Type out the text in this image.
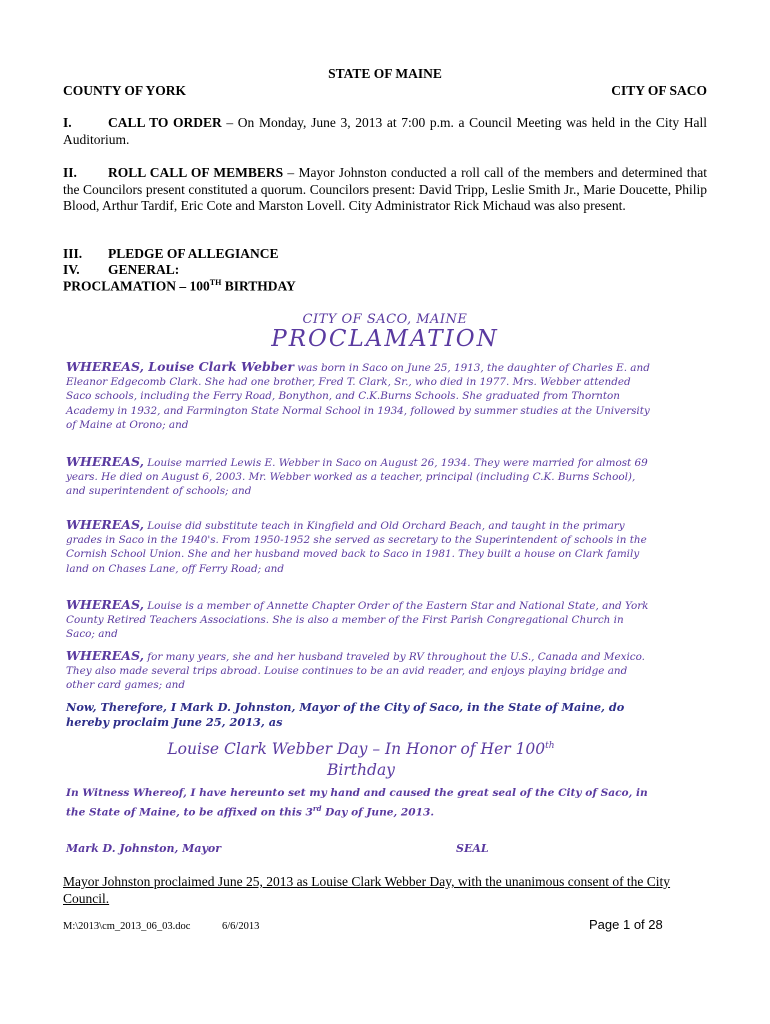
STATE OF MAINE
COUNTY OF YORK	CITY OF SACO
I.	CALL TO ORDER – On Monday, June 3, 2013 at 7:00 p.m. a Council Meeting was held in the City Hall Auditorium.
II. ROLL CALL OF MEMBERS – Mayor Johnston conducted a roll call of the members and determined that the Councilors present constituted a quorum. Councilors present: David Tripp, Leslie Smith Jr., Marie Doucette, Philip Blood, Arthur Tardif, Eric Cote and Marston Lovell. City Administrator Rick Michaud was also present.
III. PLEDGE OF ALLEGIANCE
IV. GENERAL:
PROCLAMATION – 100TH BIRTHDAY
CITY OF SACO, MAINE
PROCLAMATION
WHEREAS, Louise Clark Webber was born in Saco on June 25, 1913, the daughter of Charles E. and Eleanor Edgecomb Clark. She had one brother, Fred T. Clark, Sr., who died in 1977. Mrs. Webber attended Saco schools, including the Ferry Road, Bonython, and C.K.Burns Schools. She graduated from Thornton Academy in 1932, and Farmington State Normal School in 1934, followed by summer studies at the University of Maine at Orono; and
WHEREAS, Louise married Lewis E. Webber in Saco on August 26, 1934. They were married for almost 69 years. He died on August 6, 2003. Mr. Webber worked as a teacher, principal (including C.K. Burns School), and superintendent of schools; and
WHEREAS, Louise did substitute teach in Kingfield and Old Orchard Beach, and taught in the primary grades in Saco in the 1940's. From 1950-1952 she served as secretary to the Superintendent of schools in the Cornish School Union. She and her husband moved back to Saco in 1981. They built a house on Clark family land on Chases Lane, off Ferry Road; and
WHEREAS, Louise is a member of Annette Chapter Order of the Eastern Star and National State, and York County Retired Teachers Associations. She is also a member of the First Parish Congregational Church in Saco; and
WHEREAS, for many years, she and her husband traveled by RV throughout the U.S., Canada and Mexico. They also made several trips abroad. Louise continues to be an avid reader, and enjoys playing bridge and other card games; and
Now, Therefore, I Mark D. Johnston, Mayor of the City of Saco, in the State of Maine, do hereby proclaim June 25, 2013, as
Louise Clark Webber Day – In Honor of Her 100th
Birthday
In Witness Whereof, I have hereunto set my hand and caused the great seal of the City of Saco, in the State of Maine, to be affixed on this 3rd Day of June, 2013.
Mark D. Johnston, Mayor	SEAL
Mayor Johnston proclaimed June 25, 2013 as Louise Clark Webber Day, with the unanimous consent of the City Council.
M:\2013\cm_2013_06_03.doc	6/6/2013	Page 1 of 28
